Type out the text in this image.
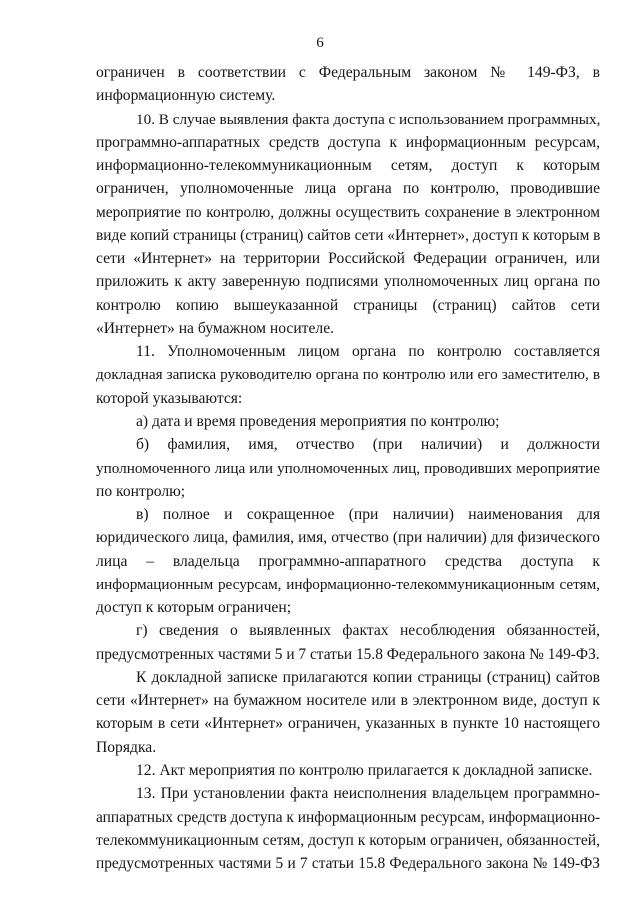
6
ограничен в соответствии с Федеральным законом № 149-ФЗ, в
информационную систему.
10. В случае выявления факта доступа с использованием программных,
программно-аппаратных средств доступа к информационным ресурсам,
информационно-телекоммуникационным сетям, доступ к которым
ограничен, уполномоченные лица органа по контролю, проводившие
мероприятие по контролю, должны осуществить сохранение в электронном
виде копий страницы (страниц) сайтов сети «Интернет», доступ к которым в
сети «Интернет» на территории Российской Федерации ограничен, или
приложить к акту заверенную подписями уполномоченных лиц органа по
контролю копию вышеуказанной страницы (страниц) сайтов сети
«Интернет» на бумажном носителе.
11. Уполномоченным лицом органа по контролю составляется
докладная записка руководителю органа по контролю или его заместителю, в
которой указываются:
а) дата и время проведения мероприятия по контролю;
б) фамилия, имя, отчество (при наличии) и должности
уполномоченного лица или уполномоченных лиц, проводивших мероприятие
по контролю;
в) полное и сокращенное (при наличии) наименования для
юридического лица, фамилия, имя, отчество (при наличии) для физического
лица – владельца программно-аппаратного средства доступа к
информационным ресурсам, информационно-телекоммуникационным сетям,
доступ к которым ограничен;
г) сведения о выявленных фактах несоблюдения обязанностей,
предусмотренных частями 5 и 7 статьи 15.8 Федерального закона № 149-ФЗ.
К докладной записке прилагаются копии страницы (страниц) сайтов
сети «Интернет» на бумажном носителе или в электронном виде, доступ к
которым в сети «Интернет» ограничен, указанных в пункте 10 настоящего
Порядка.
12. Акт мероприятия по контролю прилагается к докладной записке.
13. При установлении факта неисполнения владельцем программно-
аппаратных средств доступа к информационным ресурсам, информационно-
телекоммуникационным сетям, доступ к которым ограничен, обязанностей,
предусмотренных частями 5 и 7 статьи 15.8 Федерального закона № 149-ФЗ
